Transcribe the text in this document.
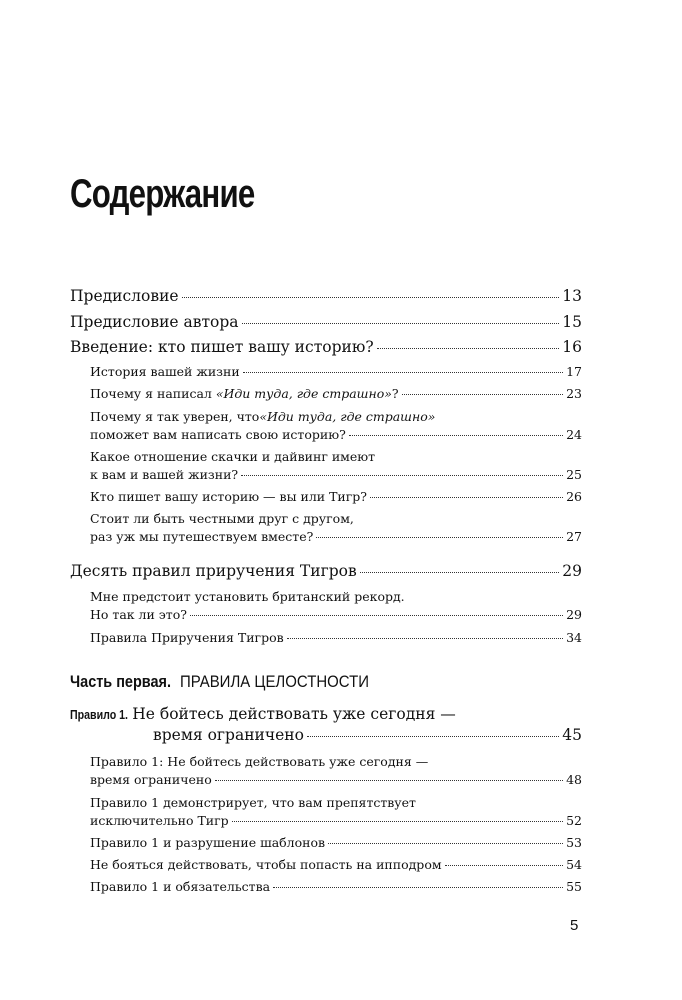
Содержание
Предисловие	13
Предисловие автора	15
Введение: кто пишет вашу историю?	16
История вашей жизни	17
Почему я написал «Иди туда, где страшно»?	23
Почему я так уверен, что «Иди туда, где страшно»
поможет вам написать свою историю?	24
Какое отношение скачки и дайвинг имеют
к вам и вашей жизни?	25
Кто пишет вашу историю — вы или Тигр?	26
Стоит ли быть честными друг с другом,
раз уж мы путешествуем вместе?	27
Десять правил приручения Тигров	29
Мне предстоит установить британский рекорд.
Но так ли это?	29
Правила Приручения Тигров	34
Часть первая. ПРАВИЛА ЦЕЛОСТНОСТИ
Правило 1. Не бойтесь действовать уже сегодня —
время ограничено	45
Правило 1: Не бойтесь действовать уже сегодня —
время ограничено	48
Правило 1 демонстрирует, что вам препятствует
исключительно Тигр	52
Правило 1 и разрушение шаблонов	53
Не бояться действовать, чтобы попасть на ипподром	54
Правило 1 и обязательства	55
5
